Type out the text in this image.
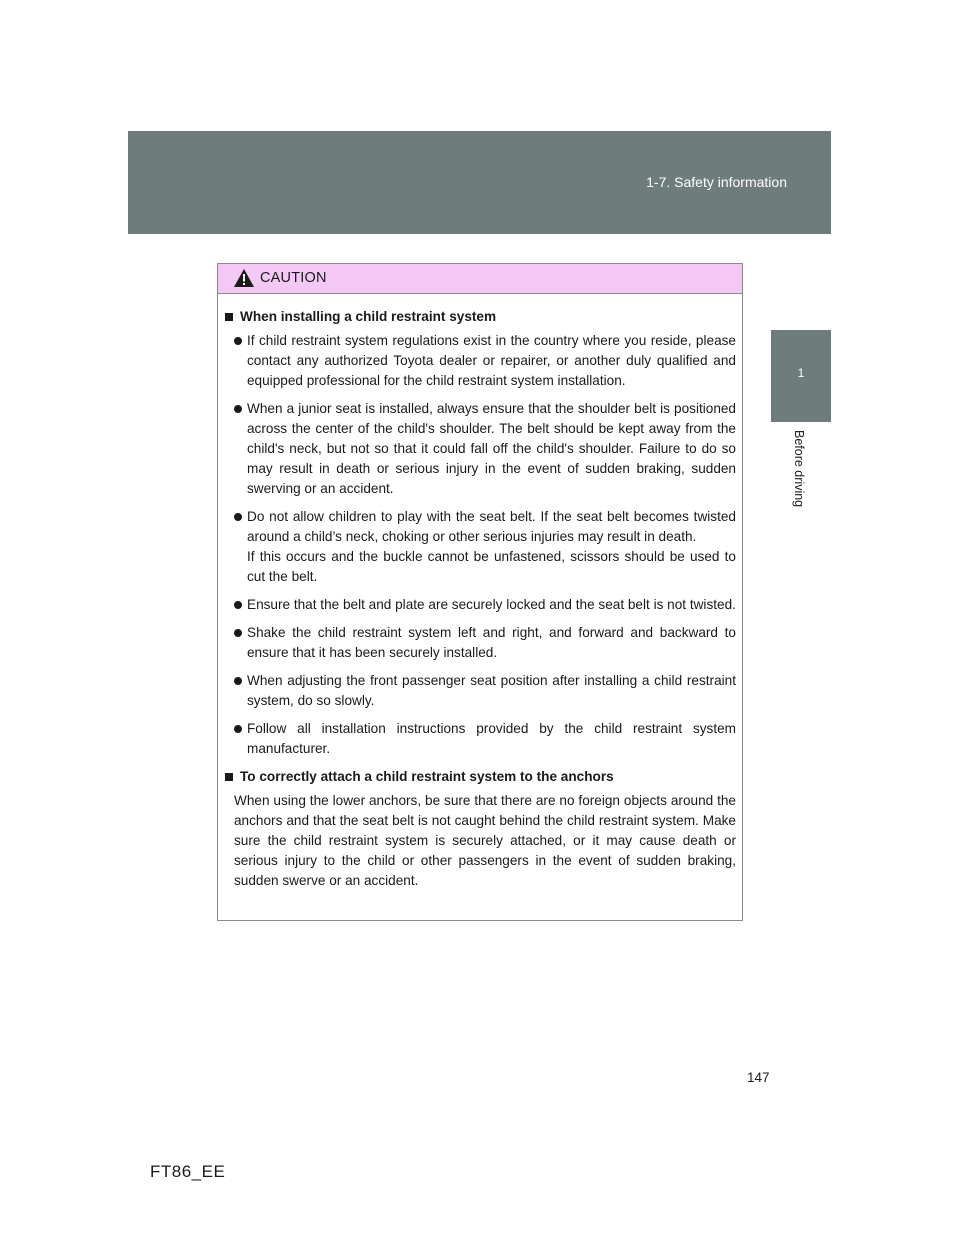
1-7. Safety information
1
Before driving
CAUTION
When installing a child restraint system

If child restraint system regulations exist in the country where you reside, please contact any authorized Toyota dealer or repairer, or another duly qualified and equipped professional for the child restraint system installation.

When a junior seat is installed, always ensure that the shoulder belt is positioned across the center of the child's shoulder. The belt should be kept away from the child's neck, but not so that it could fall off the child's shoulder. Failure to do so may result in death or serious injury in the event of sudden braking, sudden swerving or an accident.

Do not allow children to play with the seat belt. If the seat belt becomes twisted around a child’s neck, choking or other serious injuries may result in death.

If this occurs and the buckle cannot be unfastened, scissors should be used to cut the belt.

Ensure that the belt and plate are securely locked and the seat belt is not twisted.

Shake the child restraint system left and right, and forward and backward to ensure that it has been securely installed.

When adjusting the front passenger seat position after installing a child restraint system, do so slowly.

Follow all installation instructions provided by the child restraint system manufacturer.

To correctly attach a child restraint system to the anchors

When using the lower anchors, be sure that there are no foreign objects around the anchors and that the seat belt is not caught behind the child restraint system. Make sure the child restraint system is securely attached, or it may cause death or serious injury to the child or other passengers in the event of sudden braking, sudden swerve or an accident.

147
FT86_EE
